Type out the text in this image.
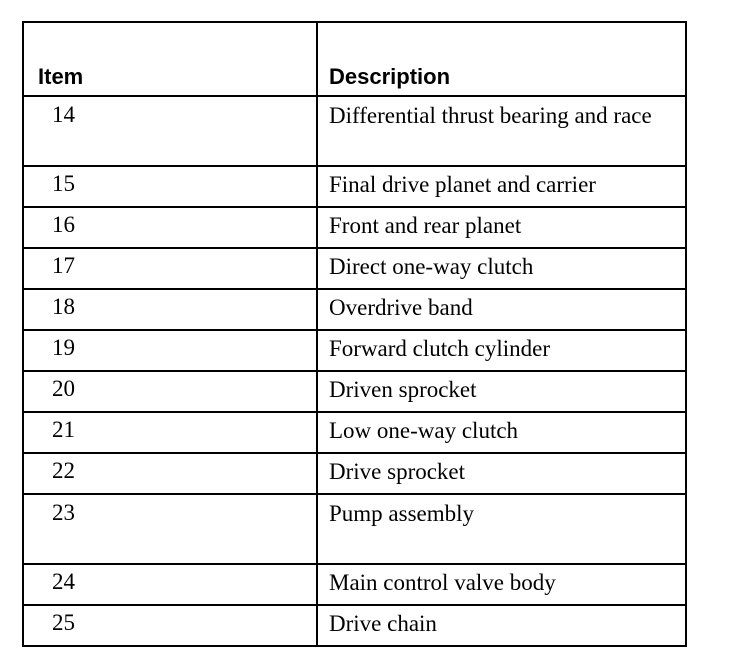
Item	Description
14	Differential thrust bearing and race
15	Final drive planet and carrier
16	Front and rear planet
17	Direct one-way clutch
18	Overdrive band
19	Forward clutch cylinder
20	Driven sprocket
21	Low one-way clutch
22	Drive sprocket
23	Pump assembly
24	Main control valve body
25	Drive chain
